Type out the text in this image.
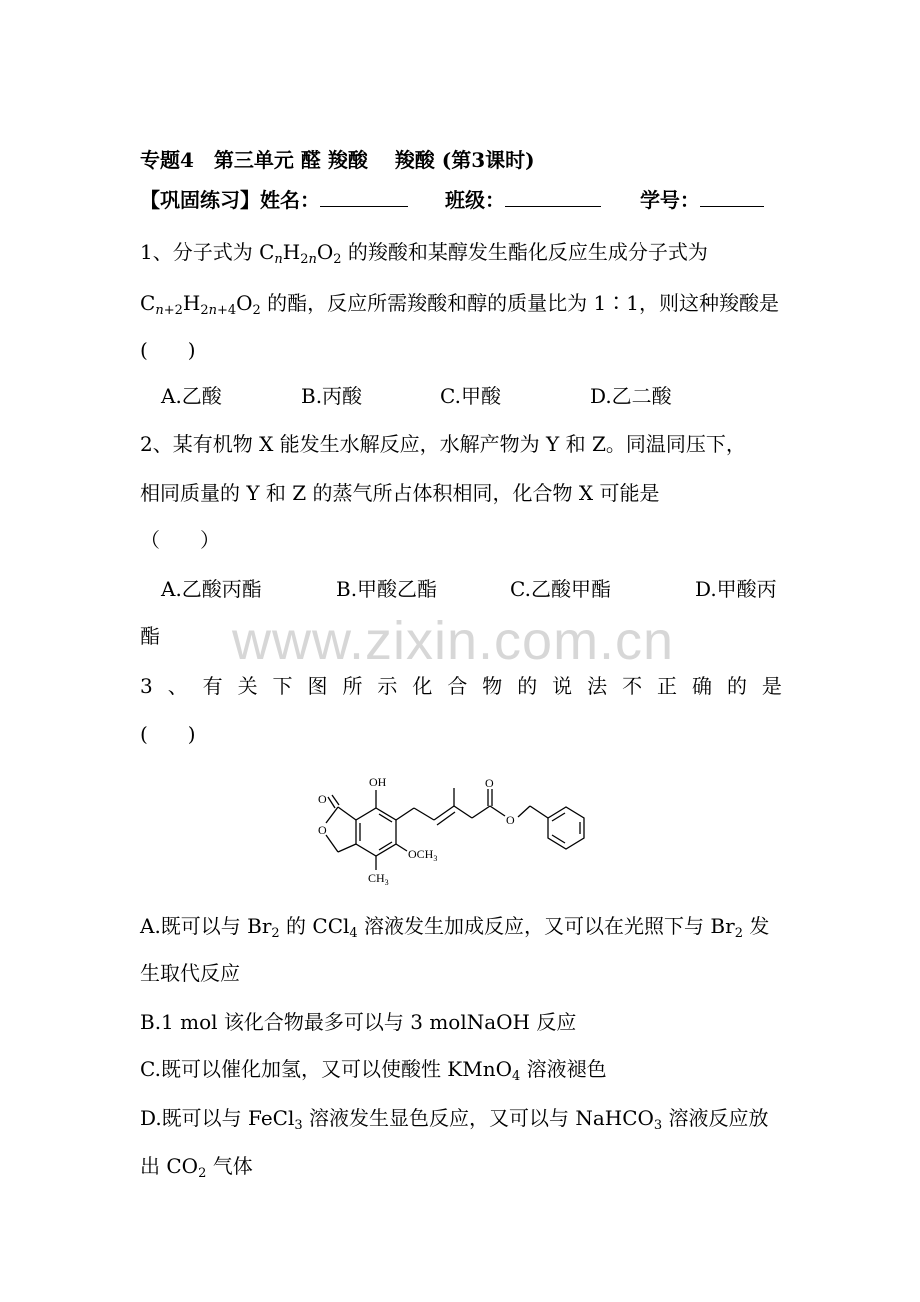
专题4　第三单元 醛 羧酸　 羧酸 (第3课时)
【巩固练习】姓名：	班级：	学号：
1、分子式为 $C_nH_{2n}O_2$ 的羧酸和某醇发生酯化反应生成分子式为
$C_{n+2}H_{2n+4}O_2$ 的酯，反应所需羧酸和醇的质量比为 1∶1，则这种羧酸是
(　　)
A.乙酸	B.丙酸	C.甲酸	D.乙二酸
2、某有机物 X 能发生水解反应，水解产物为 Y 和 Z。同温同压下，
相同质量的 Y 和 Z 的蒸气所占体积相同，化合物 X 可能是
（　　）
A.乙酸丙酯	B.甲酸乙酯	C.乙酸甲酯	D.甲酸丙
酯 www.zixin.com.cn
3 、 有 关 下 图 所 示 化 合 物 的 说 法 不 正 确 的 是
(　　)
OH
O
O
$OCH_3$
$CH_3$
O
O
A.既可以与 $Br_2$ 的 CCl$_4$ 溶液发生加成反应，又可以在光照下与 $Br_2$ 发
生取代反应
B.1 mol 该化合物最多可以与 3 molNaOH 反应
C.既可以催化加氢，又可以使酸性 KMnO$_4$ 溶液褪色
D.既可以与 FeCl$_3$ 溶液发生显色反应，又可以与 NaHCO$_3$ 溶液反应放
出 $CO_2$ 气体
